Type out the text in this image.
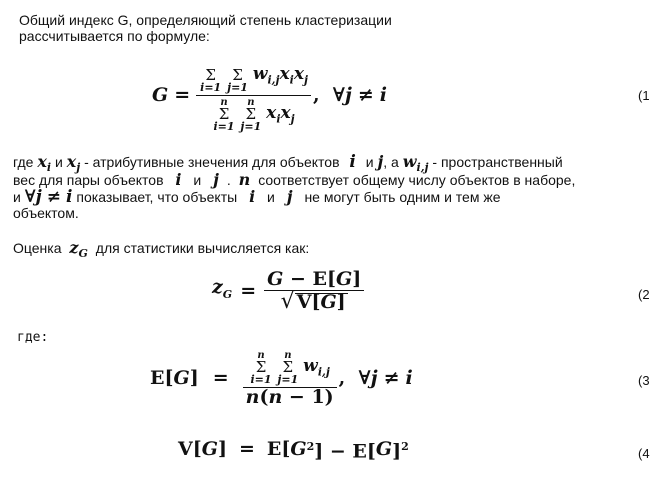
Общий индекс G, определяющий степень кластеризации
рассчитывается по формуле:
G =
Σ
i=1

Σ
j=1
$w_{i,j}x_ix_j$
n
Σ
i=1

n
Σ
j=1
$x_ix_j$ ,  ∀ j ≠ i	(1
где $x_i$ и $x_j$ - атрибутивные знeчения для объектов i и j, а $w_{i,j}$ - пространственный
вес для пары объектов i и j . n соответствует общему числу объектов в наборе,
и ∀j ≠ i показывает, что объекты i и j не могут быть одним и тем же
объектом.
Оценка $z_G$ для статистики вычисляется как:
$z_G = \frac{G - E[G]}{√ V[G]}$	(2
где:
E[ G ] = n
Σ
i=1

n
Σ
j=1
$w_{i,j}$
n(n − 1) ,  ∀ j ≠ i	(3
V[ G ] = E[ G $^2$] − E[ G ]$^2$	(4
